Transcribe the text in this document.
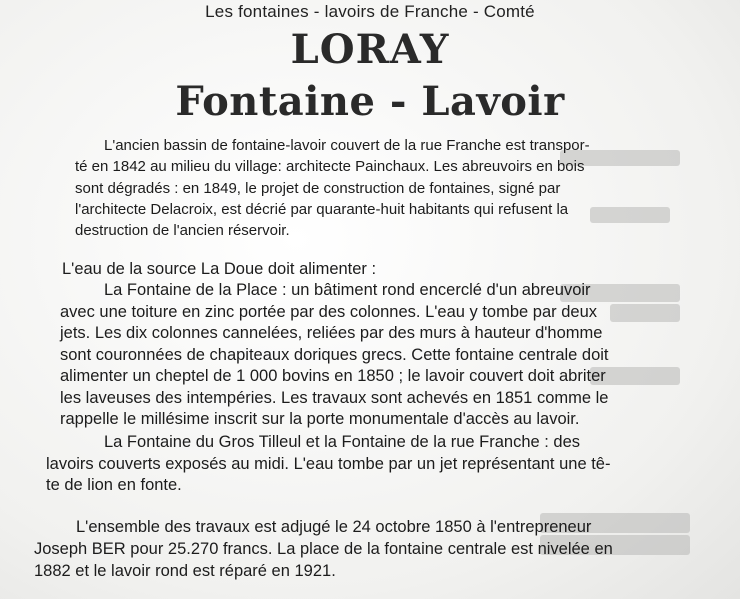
Les fontaines - lavoirs de Franche - Comté
LORAY
Fontaine - Lavoir
L'ancien bassin de fontaine-lavoir couvert de la rue Franche est transpor-
té en 1842 au milieu du village: architecte Painchaux. Les abreuvoirs en bois
sont dégradés : en 1849, le projet de construction de fontaines, signé par
l'architecte Delacroix, est décrié par quarante-huit habitants qui refusent la
destruction de l'ancien réservoir.
L'eau de la source La Doue doit alimenter :
La Fontaine de la Place : un bâtiment rond encerclé d'un abreuvoir
avec une toiture en zinc portée par des colonnes. L'eau y tombe par deux
jets. Les dix colonnes cannelées, reliées par des murs à hauteur d'homme
sont couronnées de chapiteaux doriques grecs. Cette fontaine centrale doit
alimenter un cheptel de 1 000 bovins en 1850 ; le lavoir couvert doit abriter
les laveuses des intempéries. Les travaux sont achevés en 1851 comme le
rappelle le millésime inscrit sur la porte monumentale d'accès au lavoir.
La Fontaine du Gros Tilleul et la Fontaine de la rue Franche : des
lavoirs couverts exposés au midi. L'eau tombe par un jet représentant une tê-
te de lion en fonte.
L'ensemble des travaux est adjugé le 24 octobre 1850 à l'entrepreneur
Joseph BER pour 25.270 francs. La place de la fontaine centrale est nivelée en
1882 et le lavoir rond est réparé en 1921.
